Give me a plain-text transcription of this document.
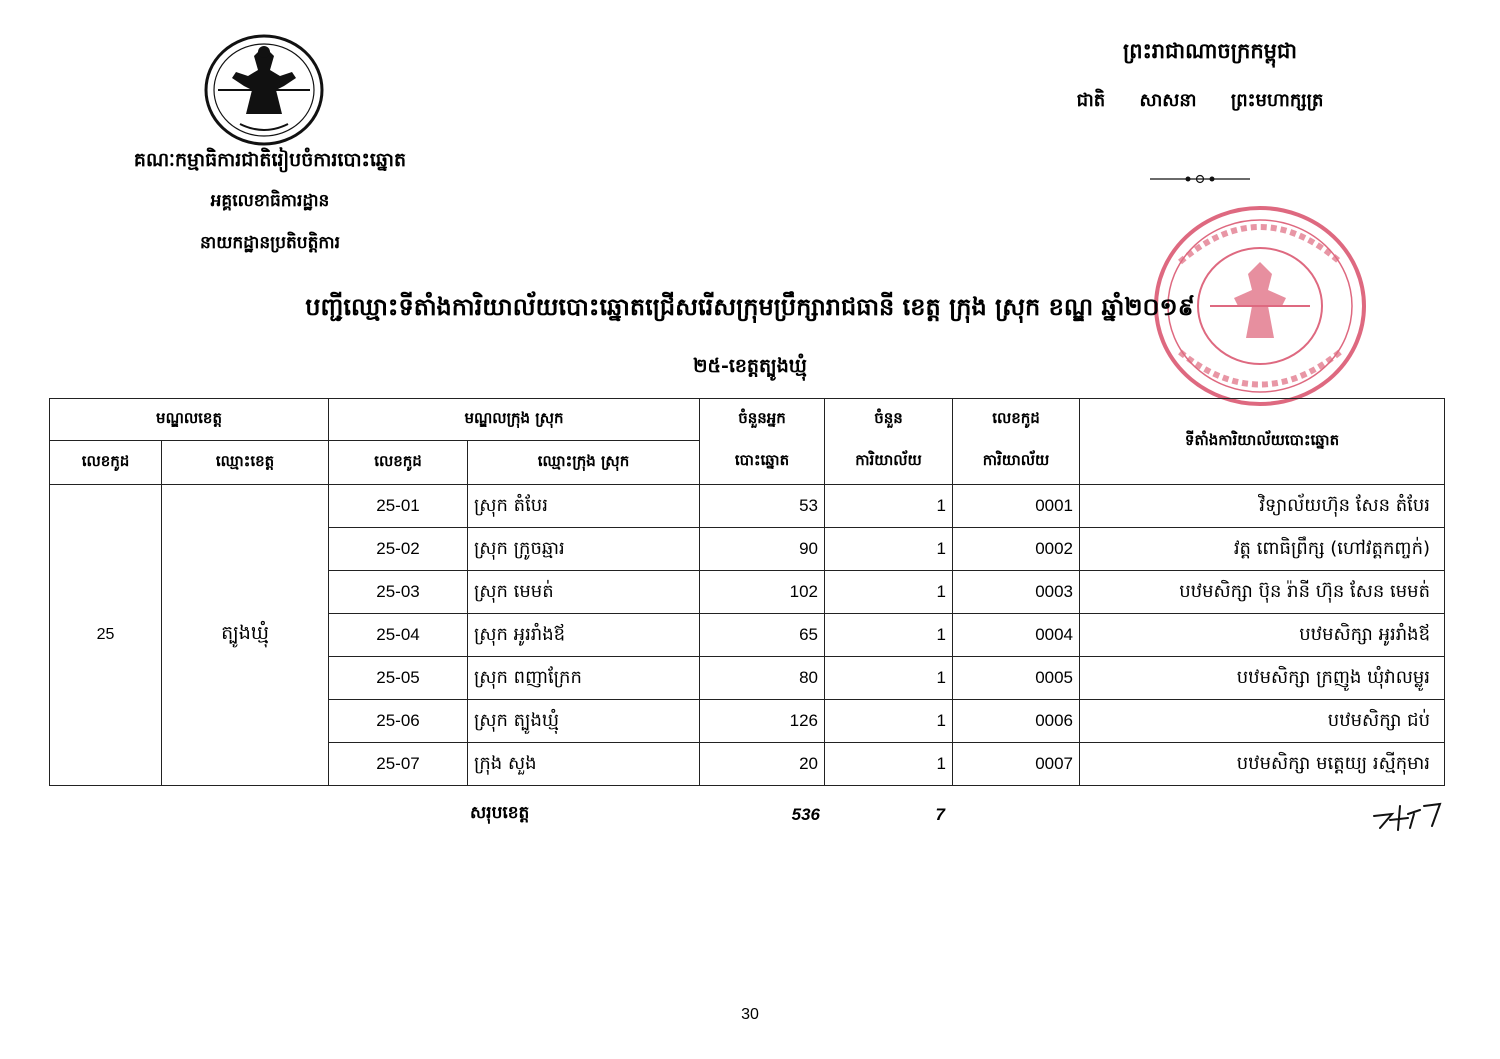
គណៈកម្មាធិការជាតិរៀបចំការបោះឆ្នោត
អគ្គលេខាធិការដ្ឋាន
នាយកដ្ឋានប្រតិបត្តិការ
ព្រះរាជាណាចក្រកម្ពុជា
ជាតិ សាសនា ព្រះមហាក្សត្រ
បញ្ជីឈ្មោះទីតាំងការិយាល័យបោះឆ្នោតជ្រើសរើសក្រុមប្រឹក្សារាជធានី ខេត្ត ក្រុង ស្រុក ខណ្ឌ ឆ្នាំ២០១៩
២៥-ខេត្តត្បូងឃ្មុំ
មណ្ឌលខេត្ត		មណ្ឌលក្រុង ស្រុក		ចំនួនអ្នក	ចំនួន	លេខកូដ	ទីតាំងការិយាល័យបោះឆ្នោត
លេខកូដ	ឈ្មោះខេត្ត	លេខកូដ	ឈ្មោះក្រុង ស្រុក	បោះឆ្នោត	ការិយាល័យ	ការិយាល័យ	
25	ត្បូងឃ្មុំ	25-01	ស្រុក តំបែរ	53	1	0001	វិទ្យាល័យហ៊ុន សែន តំបែរ
		25-02	ស្រុក ក្រូចឆ្មារ	90	1	0002	វត្ត ពោធិព្រឹក្ស (ហៅវត្តកញ្ចក់)
		25-03	ស្រុក មេមត់	102	1	0003	បឋមសិក្សា ប៊ុន រ៉ានី ហ៊ុន សែន មេមត់
		25-04	ស្រុក អូររាំងឪ	65	1	0004	បឋមសិក្សា អូររាំងឪ
		25-05	ស្រុក ពញាក្រែក	80	1	0005	បឋមសិក្សា ក្រញូង ឃុំវាលម្លូរ
		25-06	ស្រុក ត្បូងឃ្មុំ	126	1	0006	បឋមសិក្សា ជប់
		25-07	ក្រុង សួង	20	1	0007	បឋមសិក្សា មត្តេយ្យ រស្មីកុមារ
សរុបខេត្ត	536	7
30
